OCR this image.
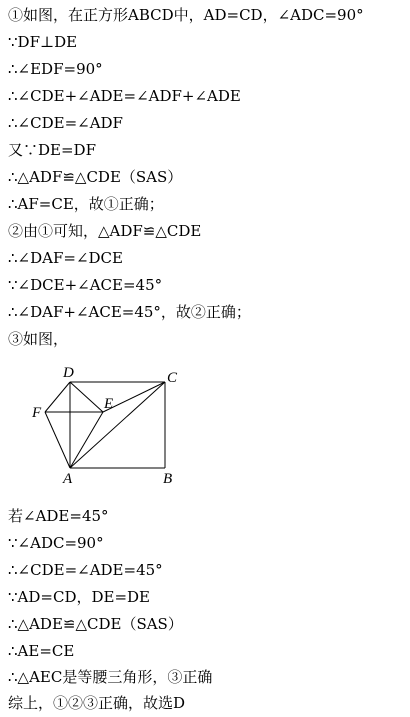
①如图，在正方形ABCD中，AD=CD，∠ADC=90°
∵DF⊥DE
∴∠EDF=90°
∴∠CDE+∠ADE=∠ADF+∠ADE
∴∠CDE=∠ADF
又∵DE=DF
∴△ADF≌△CDE（SAS）
∴AF=CE，故①正确；
②由①可知，△ADF≌△CDE
∴∠DAF=∠DCE
∵∠DCE+∠ACE=45°
∴∠DAF+∠ACE=45°，故②正确；
③如图，
D	C
F
E
A	B
若∠ADE=45°
∵∠ADC=90°
∴∠CDE=∠ADE=45°
∵AD=CD，DE=DE
∴△ADE≌△CDE（SAS）
∴AE=CE
∴△AEC是等腰三角形，③正确
综上，①②③正确，故选D
